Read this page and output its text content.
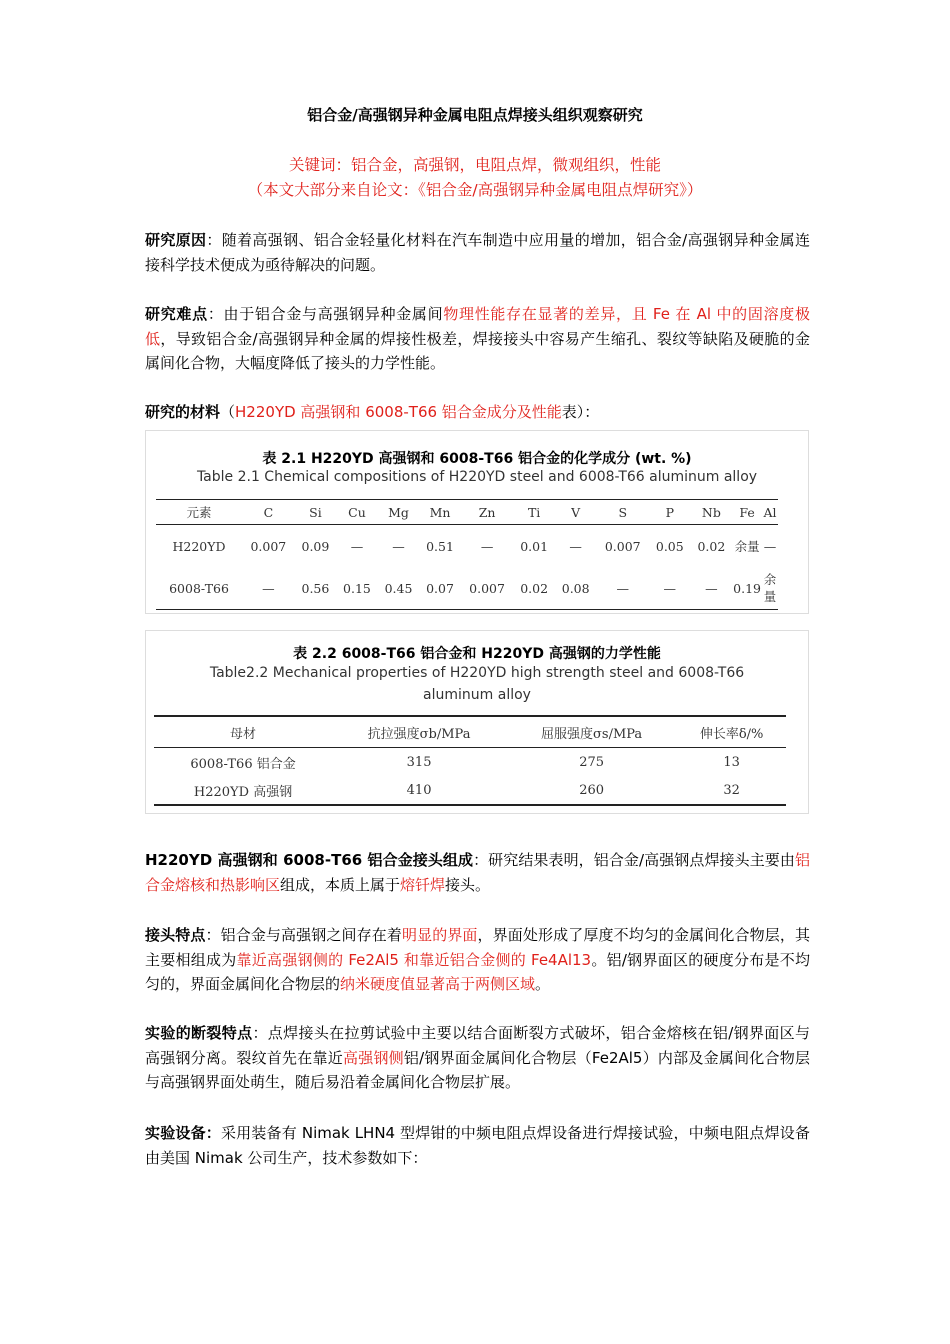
铝合金/高强钢异种金属电阻点焊接头组织观察研究
关键词：铝合金，高强钢，电阻点焊，微观组织，性能
（本文大部分来自论文：《铝合金/高强钢异种金属电阻点焊研究》）
研究原因：随着高强钢、铝合金轻量化材料在汽车制造中应用量的增加，铝合金/高强钢异种金属连接科学技术便成为亟待解决的问题。
研究难点：由于铝合金与高强钢异种金属间物理性能存在显著的差异，且 Fe 在 Al 中的固溶度极低，导致铝合金/高强钢异种金属的焊接性极差，焊接接头中容易产生缩孔、裂纹等缺陷及硬脆的金属间化合物，大幅度降低了接头的力学性能。
研究的材料（H220YD 高强钢和 6008-T66 铝合金成分及性能表）：
表 2.1 H220YD 高强钢和 6008-T66 铝合金的化学成分 (wt. %)
Table 2.1 Chemical compositions of H220YD steel and 6008-T66 aluminum alloy
元素	C	Si	Cu	Mg	Mn	Zn	Ti	V	S	P	Nb	Fe	Al
H220YD	0.007	0.09	—	—	0.51	—	0.01	—	0.007	0.05	0.02	余量	—
6008-T66	—	0.56	0.15	0.45	0.07	0.007	0.02	0.08	—	—	—	0.19	余量
表 2.2 6008-T66 铝合金和 H220YD 高强钢的力学性能
Table2.2 Mechanical properties of H220YD high strength steel and 6008-T66
aluminum alloy
母材	抗拉强度σb/MPa	屈服强度σs/MPa	伸长率δ/%
6008-T66 铝合金	315	275	13
H220YD 高强钢	410	260	32
H220YD 高强钢和 6008-T66 铝合金接头组成：研究结果表明，铝合金/高强钢点焊接头主要由铝合金熔核和热影响区组成，本质上属于熔钎焊接头。
接头特点：铝合金与高强钢之间存在着明显的界面，界面处形成了厚度不均匀的金属间化合物层，其主要相组成为靠近高强钢侧的 Fe2Al5 和靠近铝合金侧的 Fe4Al13。铝/钢界面区的硬度分布是不均匀的，界面金属间化合物层的纳米硬度值显著高于两侧区域。
实验的断裂特点：点焊接头在拉剪试验中主要以结合面断裂方式破坏，铝合金熔核在铝/钢界面区与高强钢分离。裂纹首先在靠近高强钢侧铝/钢界面金属间化合物层（Fe2Al5）内部及金属间化合物层与高强钢界面处萌生，随后易沿着金属间化合物层扩展。
实验设备：采用装备有 Nimak LHN4 型焊钳的中频电阻点焊设备进行焊接试验，中频电阻点焊设备由美国 Nimak 公司生产，技术参数如下：
